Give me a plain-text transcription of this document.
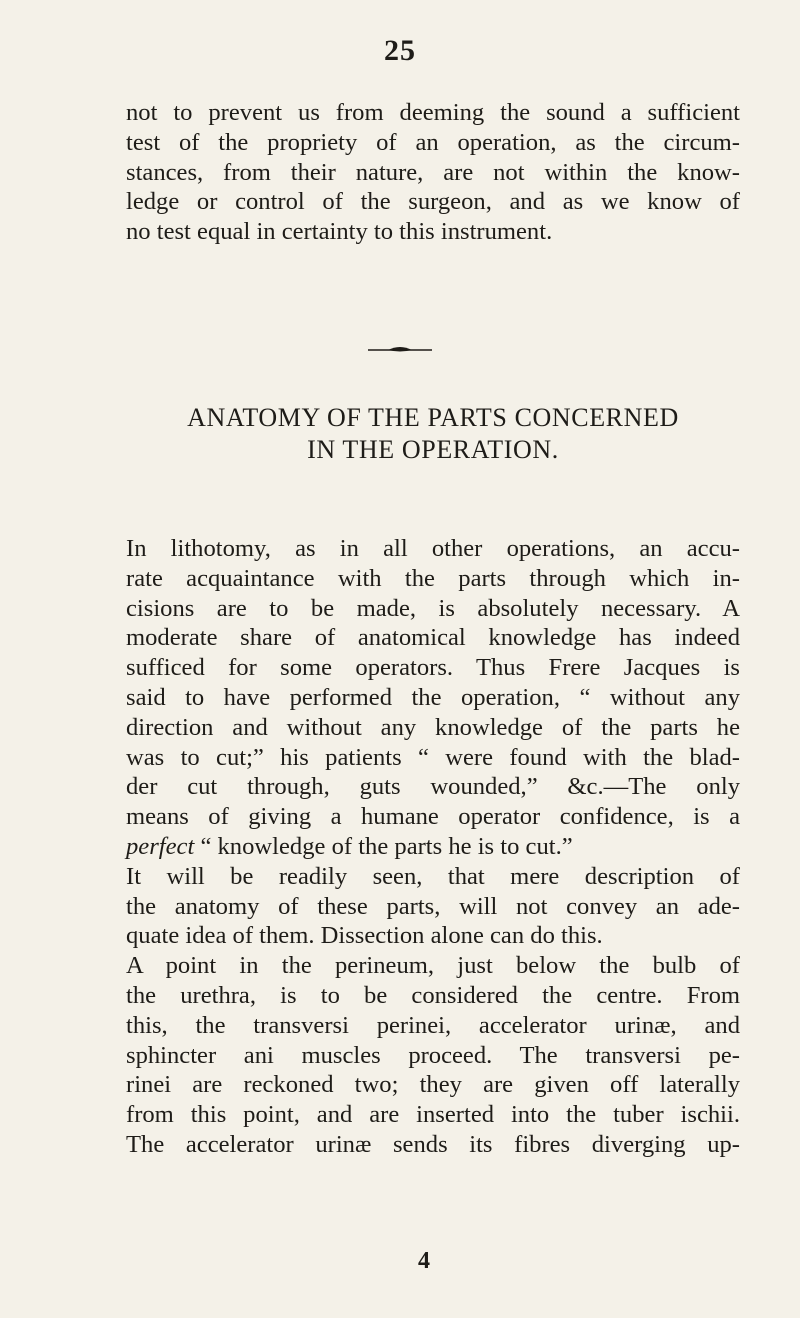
25
not to prevent us from deeming the sound a sufficient
test of the propriety of an operation, as the circum-
stances, from their nature, are not within the know-
ledge or control of the surgeon, and as we know of
no test equal in certainty to this instrument.
ANATOMY OF THE PARTS CONCERNED
IN THE OPERATION.
In lithotomy, as in all other operations, an accu-
rate acquaintance with the parts through which in-
cisions are to be made, is absolutely necessary. A
moderate share of anatomical knowledge has indeed
sufficed for some operators. Thus Frere Jacques is
said to have performed the operation, “ without any
direction and without any knowledge of the parts he
was to cut;” his patients “ were found with the blad-
der cut through, guts wounded,” &c.—The only
means of giving a humane operator confidence, is a
perfect “ knowledge of the parts he is to cut.”
It will be readily seen, that mere description of
the anatomy of these parts, will not convey an ade-
quate idea of them. Dissection alone can do this.
A point in the perineum, just below the bulb of
the urethra, is to be considered the centre. From
this, the transversi perinei, accelerator urinæ, and
sphincter ani muscles proceed. The transversi pe-
rinei are reckoned two; they are given off laterally
from this point, and are inserted into the tuber ischii.
The accelerator urinæ sends its fibres diverging up-
4
